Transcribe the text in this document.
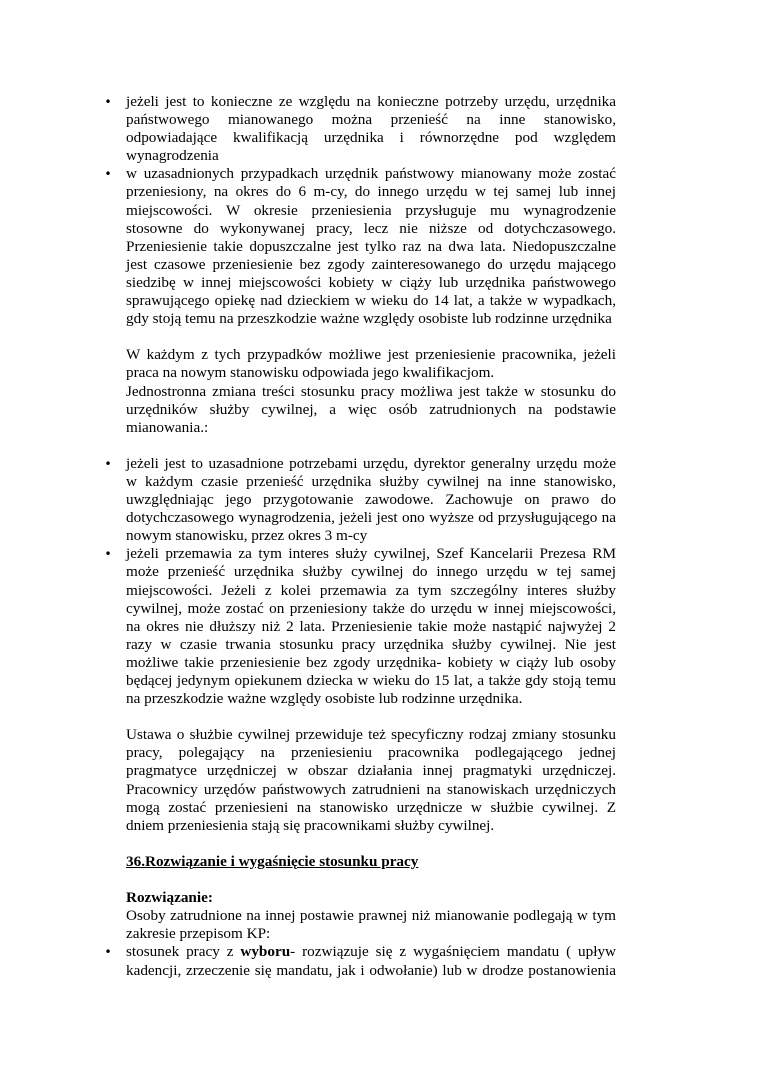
• jeżeli jest to konieczne ze względu na konieczne potrzeby urzędu, urzędnika
państwowego mianowanego można przenieść na inne stanowisko,
odpowiadające kwalifikacją urzędnika i równorzędne pod względem
wynagrodzenia
• w uzasadnionych przypadkach urzędnik państwowy mianowany może zostać
przeniesiony, na okres do 6 m-cy, do innego urzędu w tej samej lub innej
miejscowości. W okresie przeniesienia przysługuje mu wynagrodzenie
stosowne do wykonywanej pracy, lecz nie niższe od dotychczasowego.
Przeniesienie takie dopuszczalne jest tylko raz na dwa lata. Niedopuszczalne
jest czasowe przeniesienie bez zgody zainteresowanego do urzędu mającego
siedzibę w innej miejscowości kobiety w ciąży lub urzędnika państwowego
sprawującego opiekę nad dzieckiem w wieku do 14 lat, a także w wypadkach,
gdy stoją temu na przeszkodzie ważne względy osobiste lub rodzinne urzędnika
W każdym z tych przypadków możliwe jest przeniesienie pracownika, jeżeli
praca na nowym stanowisku odpowiada jego kwalifikacjom.
Jednostronna zmiana treści stosunku pracy możliwa jest także w stosunku do
urzędników służby cywilnej, a więc osób zatrudnionych na podstawie
mianowania.:
• jeżeli jest to uzasadnione potrzebami urzędu, dyrektor generalny urzędu może
w każdym czasie przenieść urzędnika służby cywilnej na inne stanowisko,
uwzględniając jego przygotowanie zawodowe. Zachowuje on prawo do
dotychczasowego wynagrodzenia, jeżeli jest ono wyższe od przysługującego na
nowym stanowisku, przez okres 3 m-cy
• jeżeli przemawia za tym interes służy cywilnej, Szef Kancelarii Prezesa RM
może przenieść urzędnika służby cywilnej do innego urzędu w tej samej
miejscowości. Jeżeli z kolei przemawia za tym szczególny interes służby
cywilnej, może zostać on przeniesiony także do urzędu w innej miejscowości,
na okres nie dłuższy niż 2 lata. Przeniesienie takie może nastąpić najwyżej 2
razy w czasie trwania stosunku pracy urzędnika służby cywilnej. Nie jest
możliwe takie przeniesienie bez zgody urzędnika- kobiety w ciąży lub osoby
będącej jedynym opiekunem dziecka w wieku do 15 lat, a także gdy stoją temu
na przeszkodzie ważne względy osobiste lub rodzinne urzędnika.
Ustawa o służbie cywilnej przewiduje też specyficzny rodzaj zmiany stosunku
pracy, polegający na przeniesieniu pracownika podlegającego jednej
pragmatyce urzędniczej w obszar działania innej pragmatyki urzędniczej.
Pracownicy urzędów państwowych zatrudnieni na stanowiskach urzędniczych
mogą zostać przeniesieni na stanowisko urzędnicze w służbie cywilnej. Z
dniem przeniesienia stają się pracownikami służby cywilnej.
36.Rozwiązanie i wygaśnięcie stosunku pracy
Rozwiązanie:
Osoby zatrudnione na innej postawie prawnej niż mianowanie podlegają w tym
zakresie przepisom KP:
• stosunek pracy z wyboru- rozwiązuje się z wygaśnięciem mandatu ( upływ
kadencji, zrzeczenie się mandatu, jak i odwołanie) lub w drodze postanowienia
